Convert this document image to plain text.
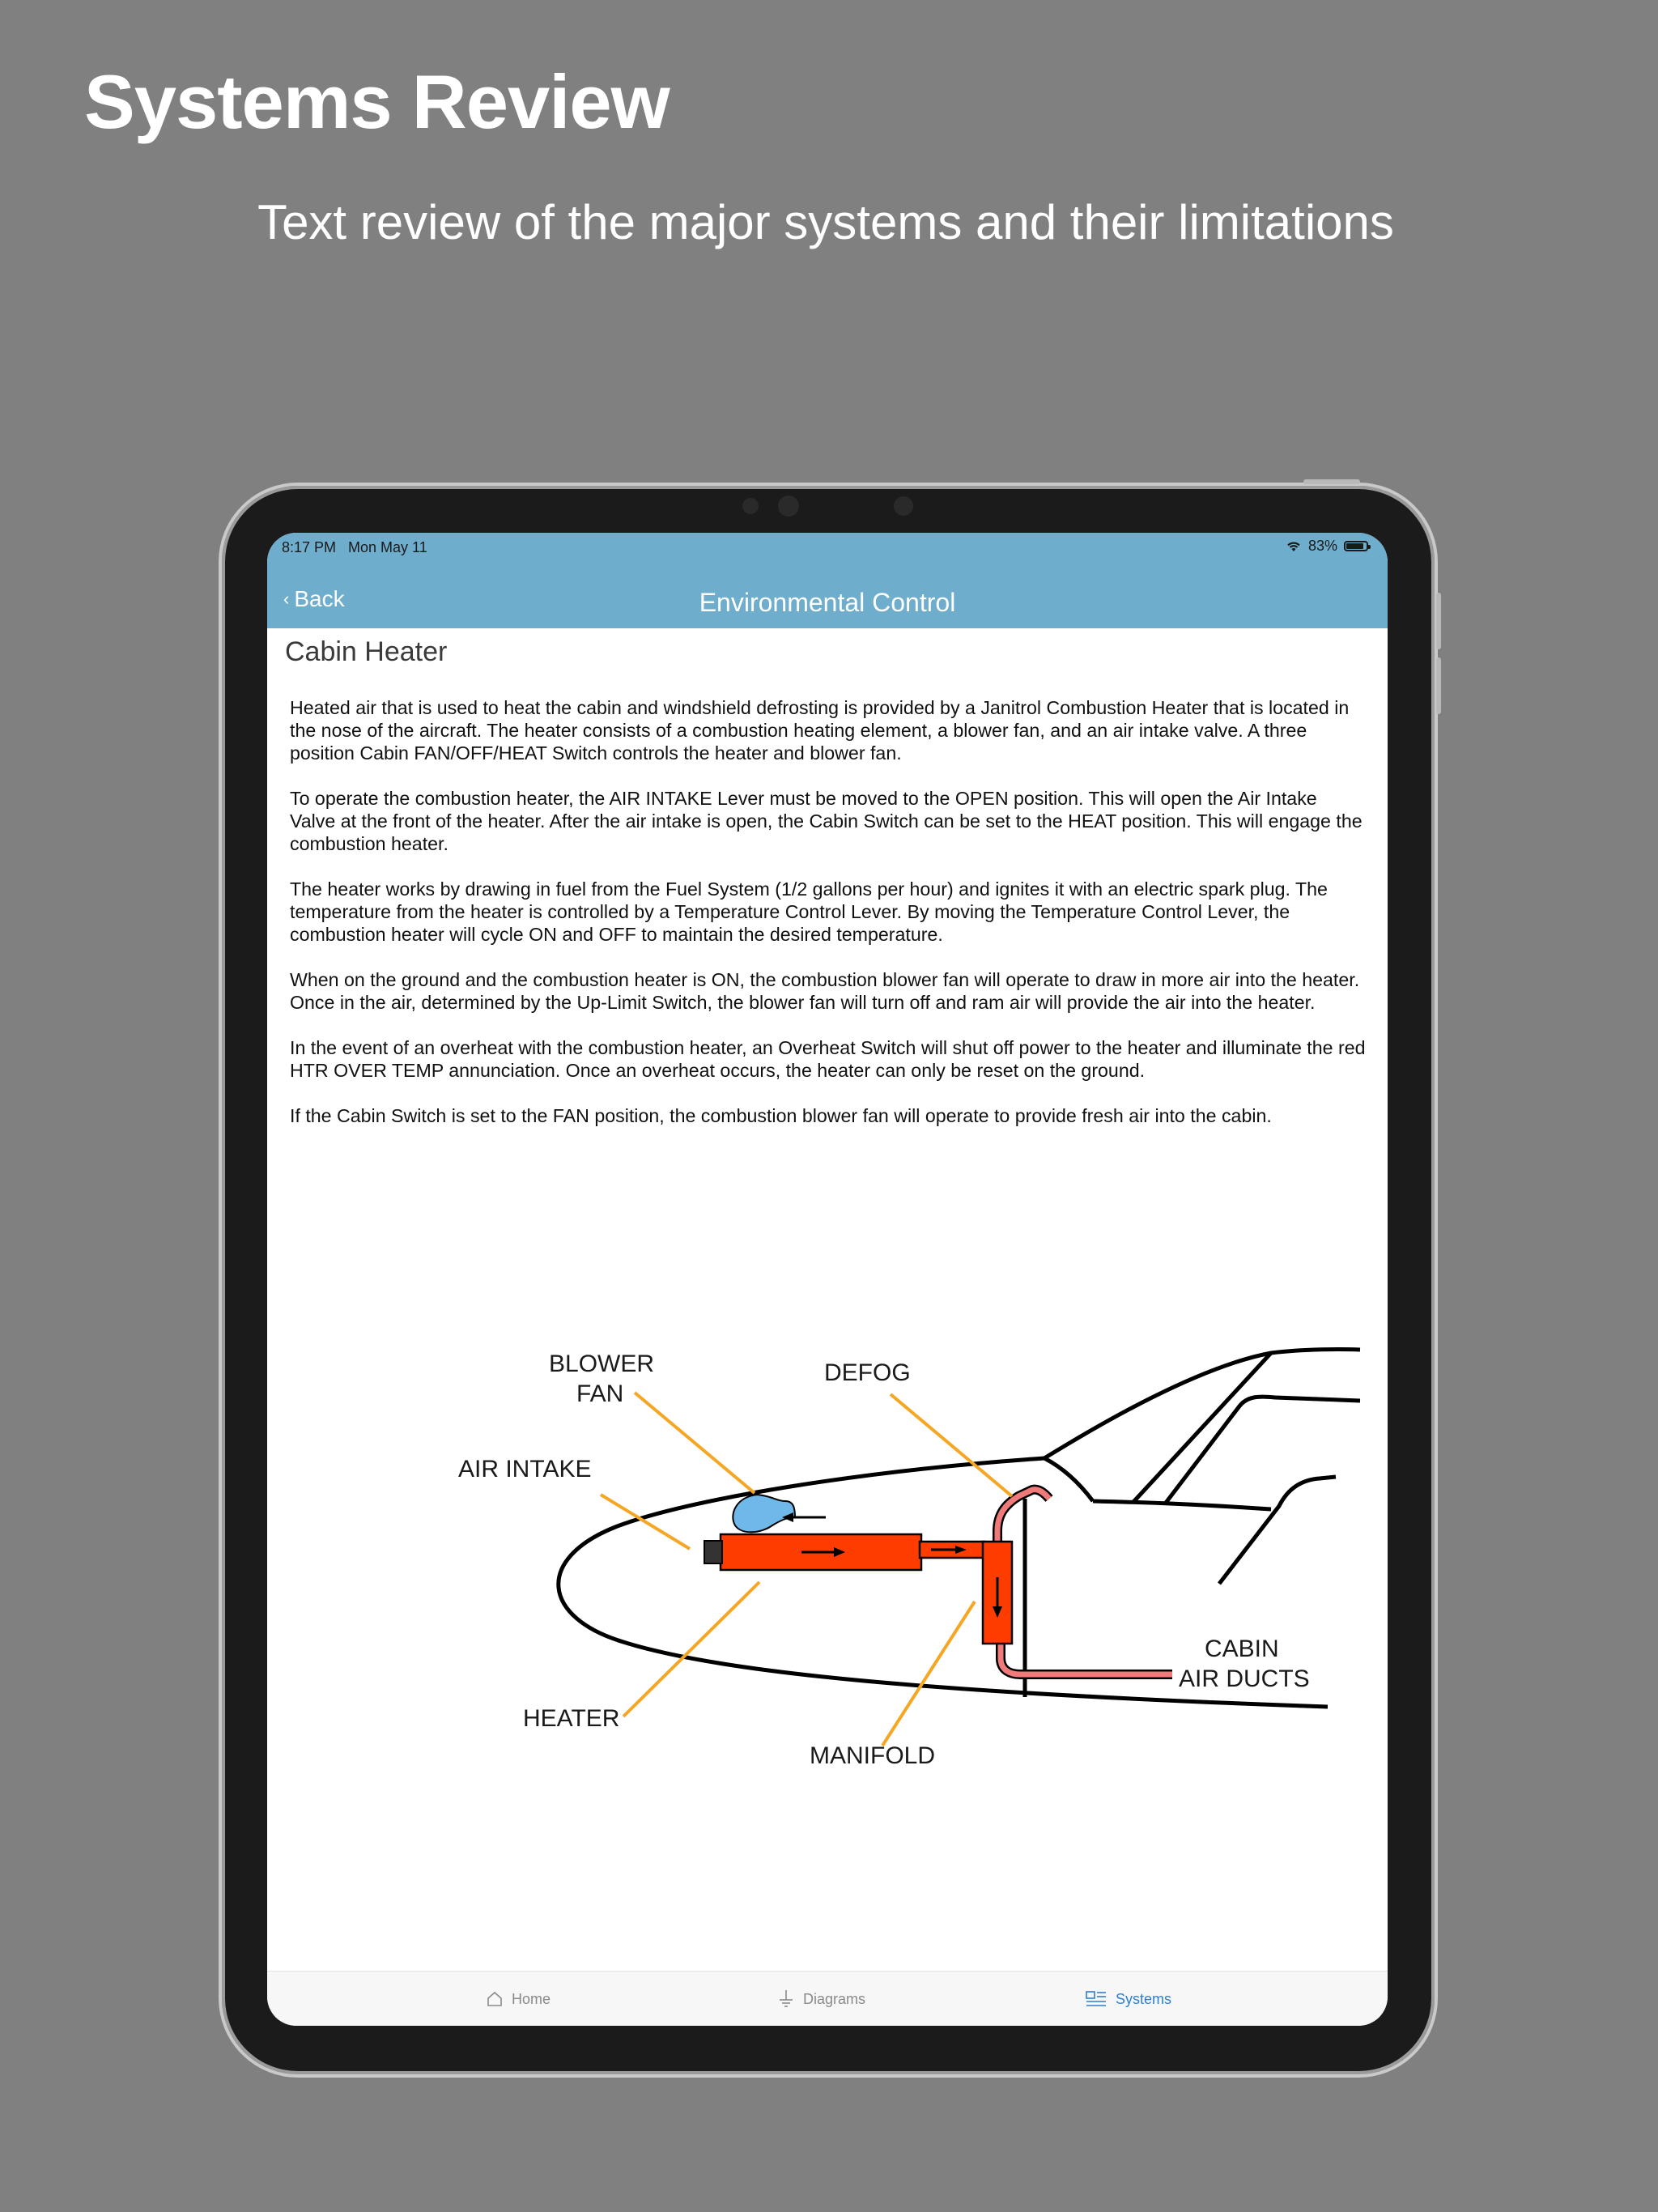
Systems Review
Text review of the major systems and their limitations
8:17 PM   Mon May 11	83%
‹ Back	Environmental Control
Cabin Heater

Heated air that is used to heat the cabin and windshield defrosting is provided by a Janitrol Combustion Heater that is located in the nose of the aircraft. The heater consists of a combustion heating element, a blower fan, and an air intake valve. A three position Cabin FAN/OFF/HEAT Switch controls the heater and blower fan.

To operate the combustion heater, the AIR INTAKE Lever must be moved to the OPEN position. This will open the Air Intake Valve at the front of the heater. After the air intake is open, the Cabin Switch can be set to the HEAT position. This will engage the combustion heater.

The heater works by drawing in fuel from the Fuel System (1/2 gallons per hour) and ignites it with an electric spark plug. The temperature from the heater is controlled by a Temperature Control Lever. By moving the Temperature Control Lever, the combustion heater will cycle ON and OFF to maintain the desired temperature.

When on the ground and the combustion heater is ON, the combustion blower fan will operate to draw in more air into the heater. Once in the air, determined by the Up-Limit Switch, the blower fan will turn off and ram air will provide the air into the heater.

In the event of an overheat with the combustion heater, an Overheat Switch will shut off power to the heater and illuminate the red HTR OVER TEMP annunciation. Once an overheat occurs, the heater can only be reset on the ground.

If the Cabin Switch is set to the FAN position, the combustion blower fan will operate to provide fresh air into the cabin.

BLOWER
FAN
DEFOG
AIR INTAKE
HEATER
MANIFOLD
CABIN
AIR DUCTS
Home	Diagrams	Systems
